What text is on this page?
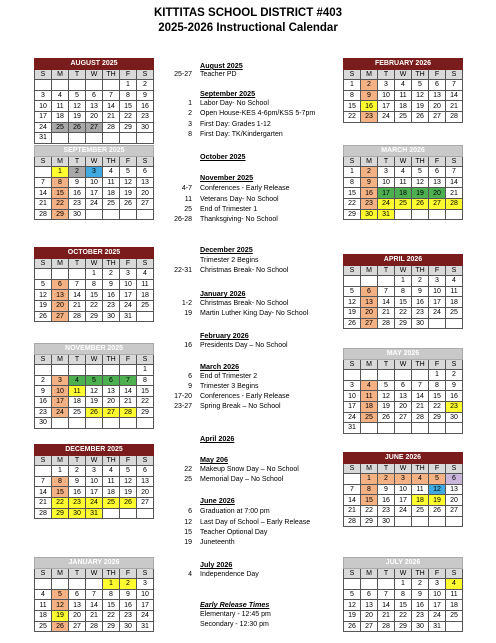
KITTITAS SCHOOL DISTRICT #403
2025-2026 Instructional Calendar
AUGUST 2025						
S	M	T	W	TH	F	S
					1	2
3	4	5	6	7	8	9
10	11	12	13	14	15	16
17	18	19	20	21	22	23
24	25	26	27	28	29	30
31						
SEPTEMBER 2025						
S	M	T	W	TH	F	S
	1	2	3	4	5	6
7	8	9	10	11	12	13
14	15	16	17	18	19	20
21	22	23	24	25	26	27
28	29	30				
OCTOBER 2025						
S	M	T	W	TH	F	S
			1	2	3	4
5	6	7	8	9	10	11
12	13	14	15	16	17	18
19	20	21	22	23	24	25
26	27	28	29	30	31	
NOVEMBER 2025						
S	M	T	W	TH	F	S
						1
2	3	4	5	6	7	8
9	10	11	12	13	14	15
16	17	18	19	20	21	22
23	24	25	26	27	28	29
30						
DECEMBER 2025						
S	M	T	W	TH	F	S
	1	2	3	4	5	6
7	8	9	10	11	12	13
14	15	16	17	18	19	20
21	22	23	24	25	26	27
28	29	30	31			
JANUARY 2026						
S	M	T	W	TH	F	S
				1	2	3
4	5	6	7	8	9	10
11	12	13	14	15	16	17
18	19	20	21	22	23	24
25	26	27	28	29	30	31
FEBRUARY 2026						
S	M	T	W	TH	F	S
1	2	3	4	5	6	7
8	9	10	11	12	13	14
15	16	17	18	19	20	21
22	23	24	25	26	27	28
MARCH 2026						
S	M	T	W	TH	F	S
1	2	3	4	5	6	7
8	9	10	11	12	13	14
15	16	17	18	19	20	21
22	23	24	25	26	27	28
29	30	31				
APRIL 2026						
S	M	T	W	TH	F	S
			1	2	3	4
5	6	7	8	9	10	11
12	13	14	15	16	17	18
19	20	21	22	23	24	25
26	27	28	29	30		
MAY 2026						
S	M	T	W	TH	F	S
					1	2
3	4	5	6	7	8	9
10	11	12	13	14	15	16
17	18	19	20	21	22	23
24	25	26	27	28	29	30
31						
JUNE 2026						
S	M	T	W	TH	F	S
	1	2	3	4	5	6
7	8	9	10	11	12	13
14	15	16	17	18	19	20
21	22	23	24	25	26	27
28	29	30				
JULY 2026						
S	M	T	W	TH	F	S
			1	2	3	4
5	6	7	8	9	10	11
12	13	14	15	16	17	18
19	20	21	22	23	24	25
26	27	28	29	30	31	
August 2025
25-27 Teacher PD
September 2025
1 Labor Day- No School
2 Open House-KES 4-6pm/KSS 5-7pm
3 First Day: Grades 1-12
8 First Day: TK/Kindergarten
October 2025
November 2025
4-7 Conferences - Early Release
11 Veterans Day- No School
25 End of Trimester 1
26-28 Thanksgiving- No School
December 2025
Trimester 2 Begins
22-31 Christmas Break- No School
January 2026
1-2 Christmas Break- No School
19 Martin Luther King Day- No School
February 2026
16 Presidents Day – No School
March 2026
6 End of Trimester 2
9 Trimester 3 Begins
17-20 Conferences - Early Release
23-27 Spring Break – No School
April 2026
May 206
22 Makeup Snow Day – No School
25 Memorial Day – No School
June 2026
6 Graduation at 7:00 pm
12 Last Day of School – Early Release
15 Teacher Optional Day
19 Juneteenth
July 2026
4 Independence Day
Early Release Times
Elementary - 12:45 pm
Secondary - 12:30 pm
